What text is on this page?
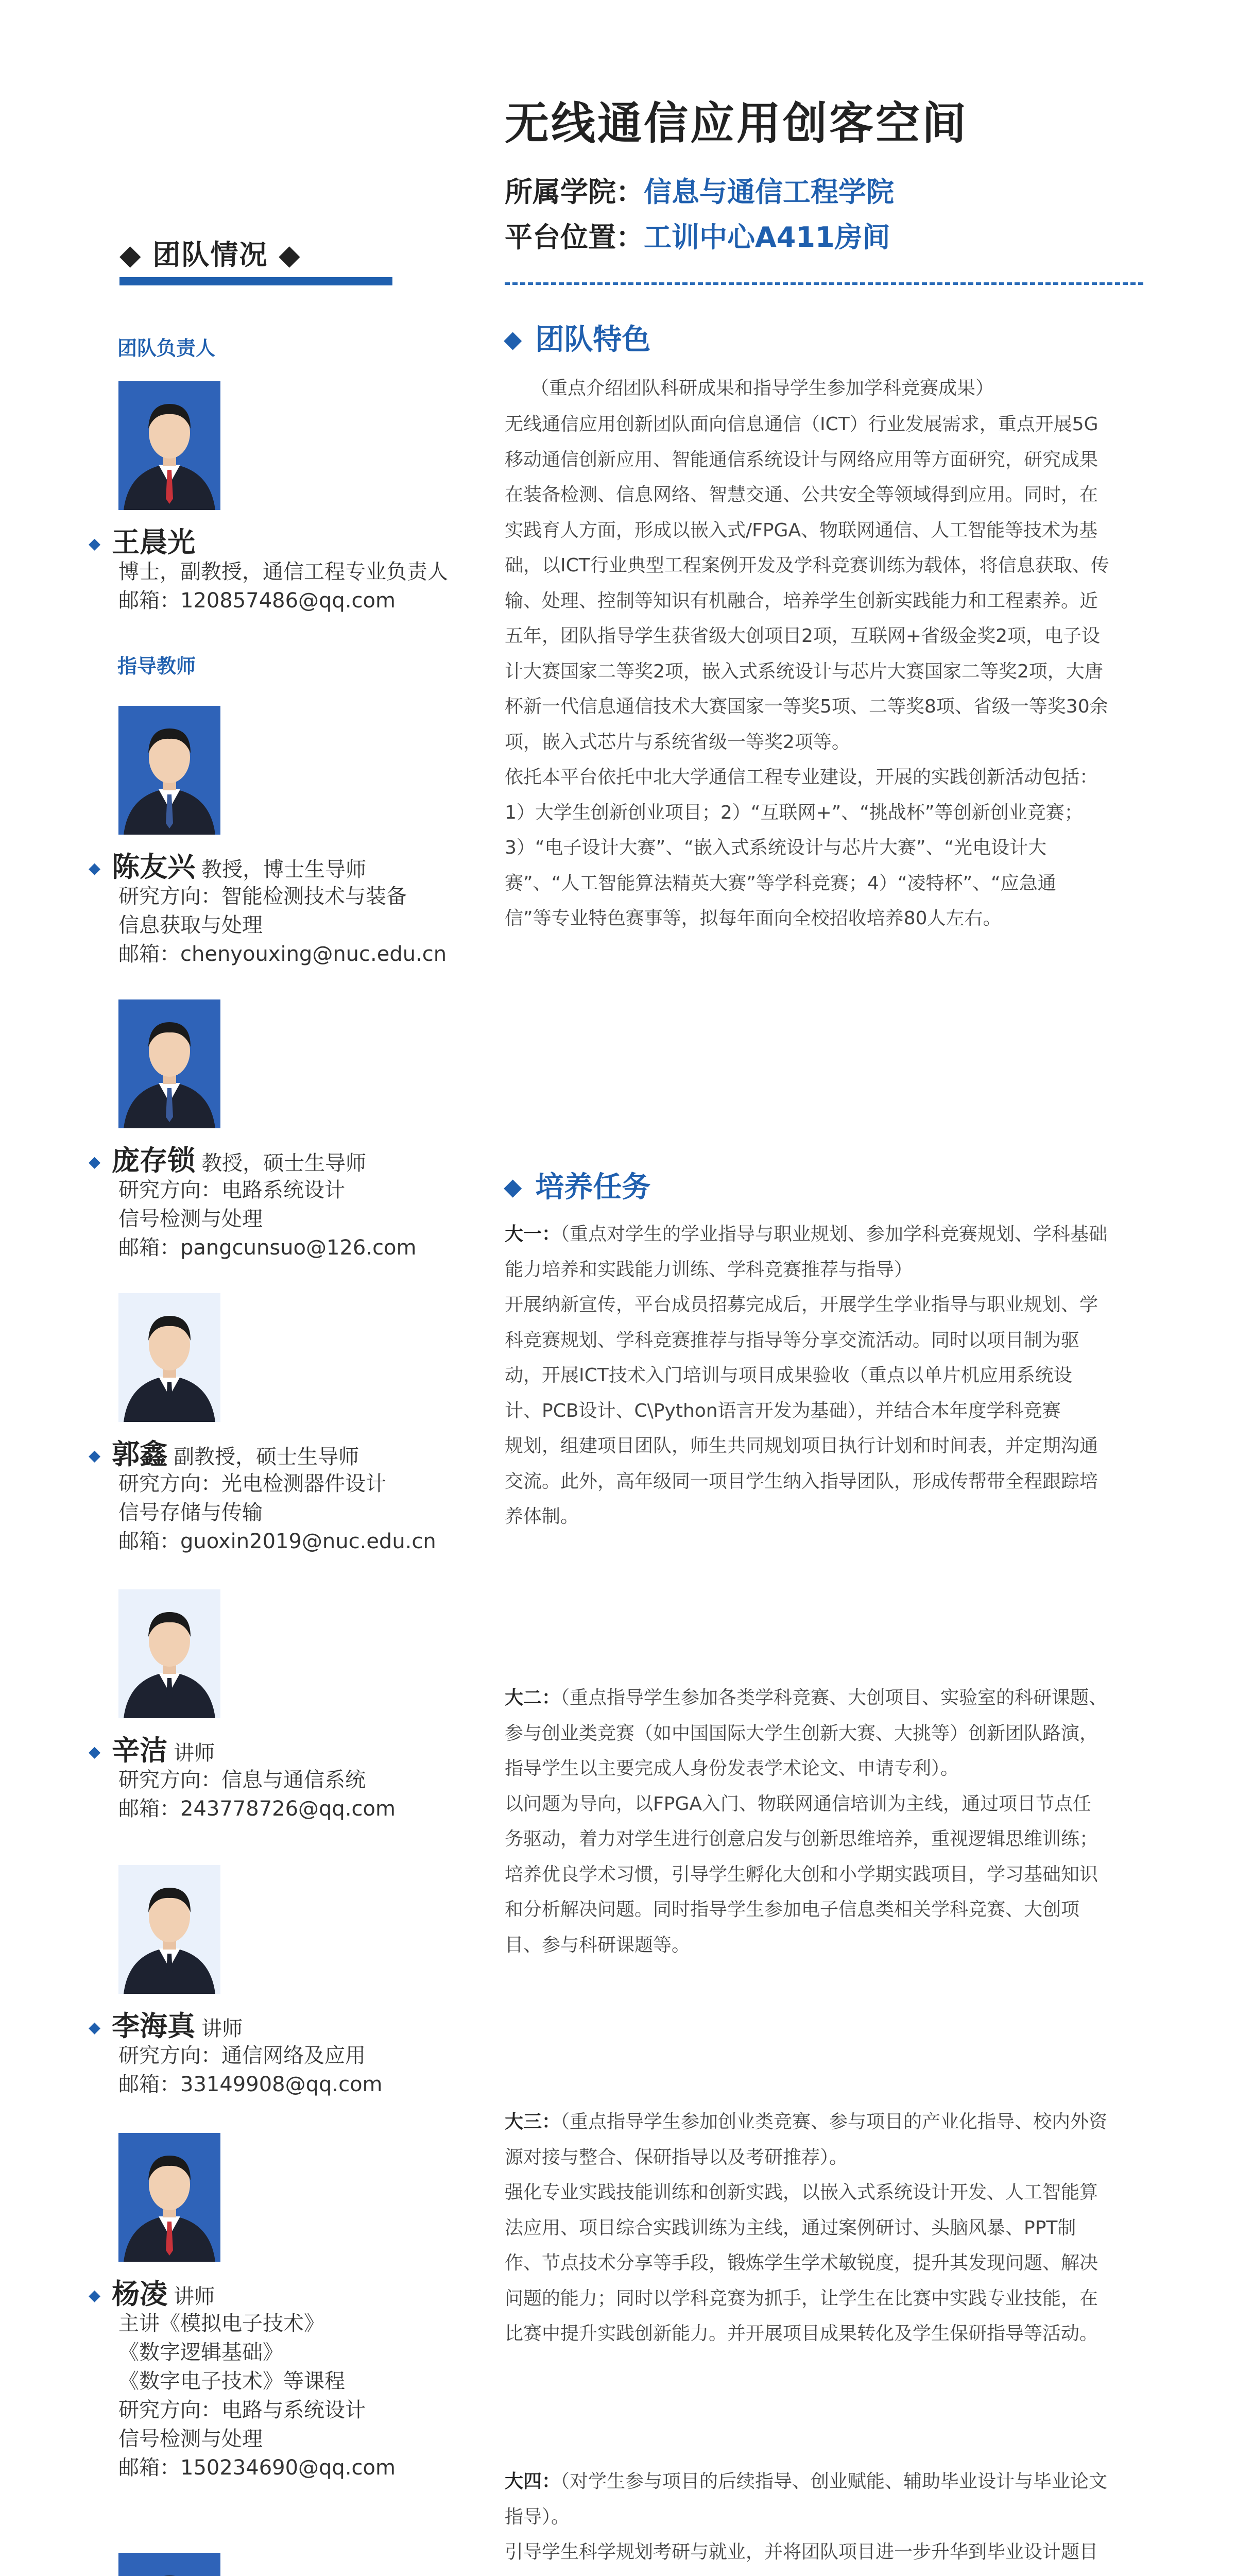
无线通信应用创客空间
所属学院：信息与通信工程学院
平台位置：工训中心A411房间
◆ 团队情况 ◆
团队负责人
指导教师
◆ 王晨光
博士，副教授，通信工程专业负责人
邮箱：120857486@qq.com
◆ 陈友兴 教授，博士生导师
研究方向：智能检测技术与装备
信息获取与处理
邮箱：chenyouxing@nuc.edu.cn
◆ 庞存锁 教授，硕士生导师
研究方向：电路系统设计
信号检测与处理
邮箱：pangcunsuo@126.com
◆ 郭鑫 副教授，硕士生导师
研究方向：光电检测器件设计
信号存储与传输
邮箱：guoxin2019@nuc.edu.cn
◆ 辛洁 讲师
研究方向：信息与通信系统
邮箱：243778726@qq.com
◆ 李海真 讲师
研究方向：通信网络及应用
邮箱：33149908@qq.com
◆ 杨凌 讲师
主讲《模拟电子技术》
《数字逻辑基础》
《数字电子技术》等课程
研究方向：电路与系统设计
信号检测与处理
邮箱：150234690@qq.com
◆ 团队特色
（重点介绍团队科研成果和指导学生参加学科竞赛成果）
无线通信应用创新团队面向信息通信（ICT）行业发展需求，重点开展5G
移动通信创新应用、智能通信系统设计与网络应用等方面研究，研究成果
在装备检测、信息网络、智慧交通、公共安全等领域得到应用。同时，在
实践育人方面，形成以嵌入式/FPGA、物联网通信、人工智能等技术为基
础，以ICT行业典型工程案例开发及学科竞赛训练为载体，将信息获取、传
输、处理、控制等知识有机融合，培养学生创新实践能力和工程素养。近
五年，团队指导学生获省级大创项目2项，互联网+省级金奖2项，电子设
计大赛国家二等奖2项，嵌入式系统设计与芯片大赛国家二等奖2项，大唐
杯新一代信息通信技术大赛国家一等奖5项、二等奖8项、省级一等奖30余
项，嵌入式芯片与系统省级一等奖2项等。
依托本平台依托中北大学通信工程专业建设，开展的实践创新活动包括：
1）大学生创新创业项目；2）“互联网+”、“挑战杯”等创新创业竞赛；
3）“电子设计大赛”、“嵌入式系统设计与芯片大赛”、“光电设计大
赛”、“人工智能算法精英大赛”等学科竞赛；4）“凌特杯”、“应急通
信”等专业特色赛事等，拟每年面向全校招收培养80人左右。
◆ 培养任务
大一：（重点对学生的学业指导与职业规划、参加学科竞赛规划、学科基础
能力培养和实践能力训练、学科竞赛推荐与指导）
开展纳新宣传，平台成员招募完成后，开展学生学业指导与职业规划、学
科竞赛规划、学科竞赛推荐与指导等分享交流活动。同时以项目制为驱
动，开展ICT技术入门培训与项目成果验收（重点以单片机应用系统设
计、PCB设计、C\Python语言开发为基础），并结合本年度学科竞赛
规划，组建项目团队，师生共同规划项目执行计划和时间表，并定期沟通
交流。此外，高年级同一项目学生纳入指导团队，形成传帮带全程跟踪培
养体制。
大二：（重点指导学生参加各类学科竞赛、大创项目、实验室的科研课题、
参与创业类竞赛（如中国国际大学生创新大赛、大挑等）创新团队路演，
指导学生以主要完成人身份发表学术论文、申请专利）。
以问题为导向，以FPGA入门、物联网通信培训为主线，通过项目节点任
务驱动，着力对学生进行创意启发与创新思维培养，重视逻辑思维训练；
培养优良学术习惯，引导学生孵化大创和小学期实践项目，学习基础知识
和分析解决问题。同时指导学生参加电子信息类相关学科竞赛、大创项
目、参与科研课题等。
大三：（重点指导学生参加创业类竞赛、参与项目的产业化指导、校内外资
源对接与整合、保研指导以及考研推荐）。
强化专业实践技能训练和创新实践，以嵌入式系统设计开发、人工智能算
法应用、项目综合实践训练为主线，通过案例研讨、头脑风暴、PPT制
作、节点技术分享等手段，锻炼学生学术敏锐度，提升其发现问题、解决
问题的能力；同时以学科竞赛为抓手，让学生在比赛中实践专业技能，在
比赛中提升实践创新能力。并开展项目成果转化及学生保研指导等活动。
大四：（对学生参与项目的后续指导、创业赋能、辅助毕业设计与毕业论文
指导）。
引导学生科学规划考研与就业，并将团队项目进一步升华到毕业设计题目
